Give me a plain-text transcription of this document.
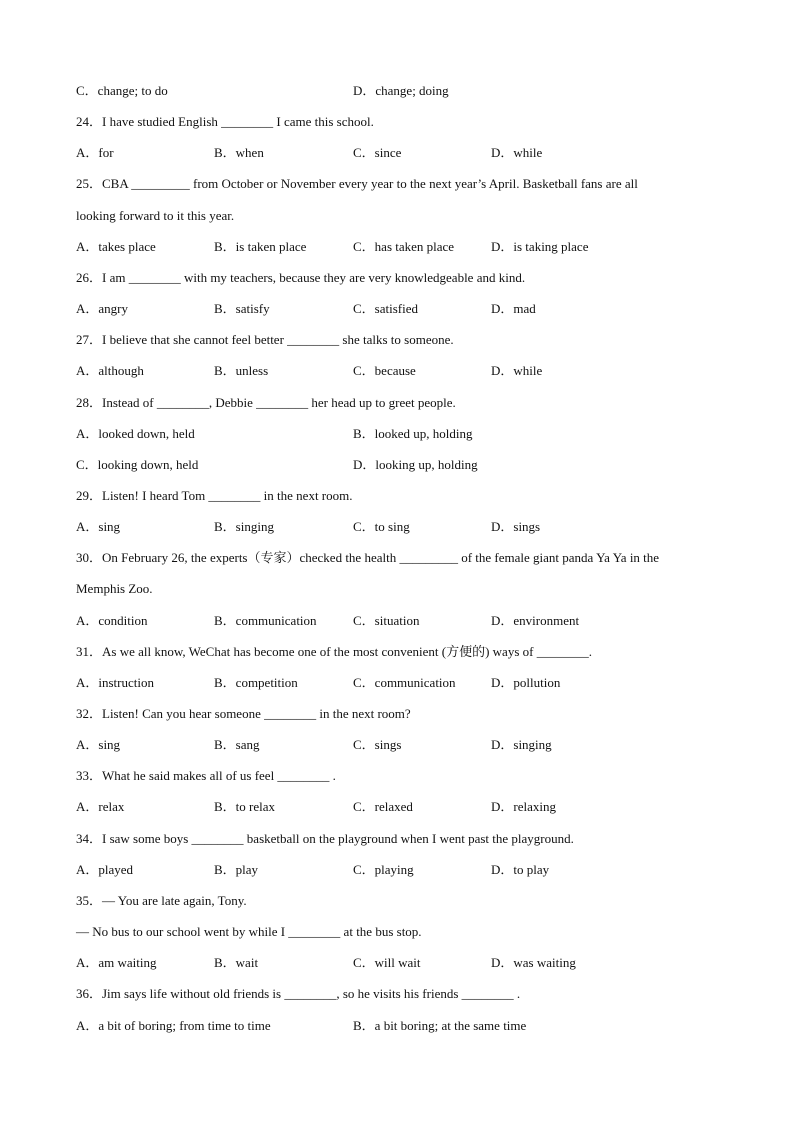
C．change; to do	D．change; doing
24．I have studied English ________ I came this school.
A．for	B．when	C．since	D．while
25．CBA _________ from October or November every year to the next year’s April. Basketball fans are all
looking forward to it this year.
A．takes place	B．is taken place	C．has taken place	D．is taking place
26．I am ________ with my teachers, because they are very knowledgeable and kind.
A．angry	B．satisfy	C．satisfied	D．mad
27．I believe that she cannot feel better ________ she talks to someone.
A．although	B．unless	C．because	D．while
28．Instead of ________, Debbie ________ her head up to greet people.
A．looked down, held	B．looked up, holding
C．looking down, held	D．looking up, holding
29．Listen! I heard Tom ________ in the next room.
A．sing	B．singing	C．to sing	D．sings
30．On February 26, the experts（专家）checked the health _________ of the female giant panda Ya Ya in the
Memphis Zoo.
A．condition	B．communication	C．situation	D．environment
31．As we all know, WeChat has become one of the most convenient (方便的) ways of ________.
A．instruction	B．competition	C．communication	D．pollution
32．Listen! Can you hear someone ________ in the next room?
A．sing	B．sang	C．sings	D．singing
33．What he said makes all of us feel ________ .
A．relax	B．to relax	C．relaxed	D．relaxing
34．I saw some boys ________ basketball on the playground when I went past the playground.
A．played	B．play	C．playing	D．to play
35．— You are late again, Tony.
— No bus to our school went by while I ________ at the bus stop.
A．am waiting	B．wait	C．will wait	D．was waiting
36．Jim says life without old friends is ________, so he visits his friends ________ .
A．a bit of boring; from time to time	B．a bit boring; at the same time
